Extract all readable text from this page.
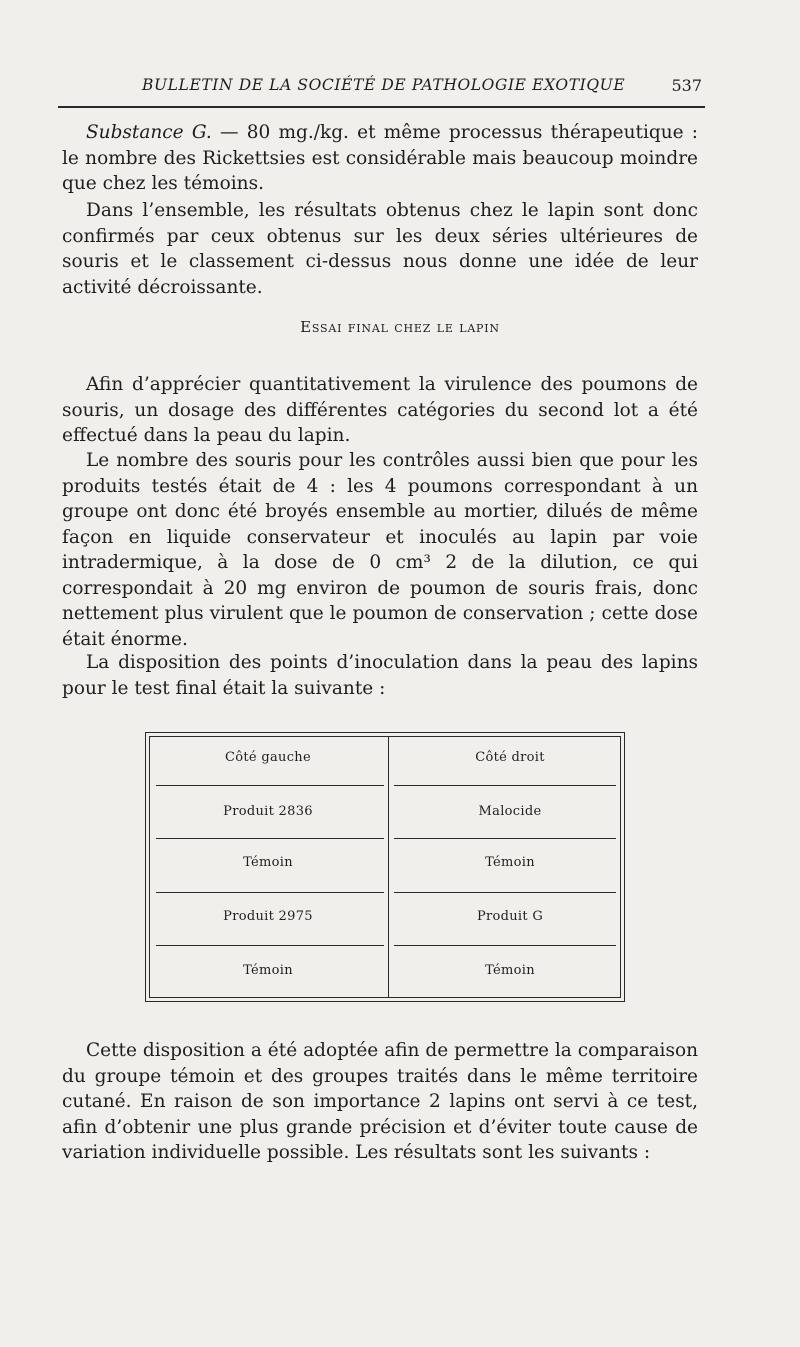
BULLETIN DE LA SOCIÉTÉ DE PATHOLOGIE EXOTIQUE	537

Substance G. — 80 mg./kg. et même processus thérapeutique : le nombre des Rickettsies est considérable mais beaucoup moindre que chez les témoins.

Dans l’ensemble, les résultats obtenus chez le lapin sont donc confirmés par ceux obtenus sur les deux séries ultérieures de souris et le classement ci-dessus nous donne une idée de leur activité décroissante.

Essai final chez le lapin

Afin d’apprécier quantitativement la virulence des poumons de souris, un dosage des différentes catégories du second lot a été effectué dans la peau du lapin.

Le nombre des souris pour les contrôles aussi bien que pour les produits testés était de 4 : les 4 poumons correspondant à un groupe ont donc été broyés ensemble au mortier, dilués de même façon en liquide conservateur et inoculés au lapin par voie intradermique, à la dose de 0 cm³ 2 de la dilution, ce qui correspondait à 20 mg environ de poumon de souris frais, donc nettement plus virulent que le poumon de conservation ; cette dose était énorme.

La disposition des points d’inoculation dans la peau des lapins pour le test final était la suivante :

Côté gauche	Côté droit
Produit 2836	Malocide
Témoin	Témoin
Produit 2975	Produit G
Témoin	Témoin

Cette disposition a été adoptée afin de permettre la comparaison du groupe témoin et des groupes traités dans le même territoire cutané. En raison de son importance 2 lapins ont servi à ce test, afin d’obtenir une plus grande précision et d’éviter toute cause de variation individuelle possible. Les résultats sont les suivants :
